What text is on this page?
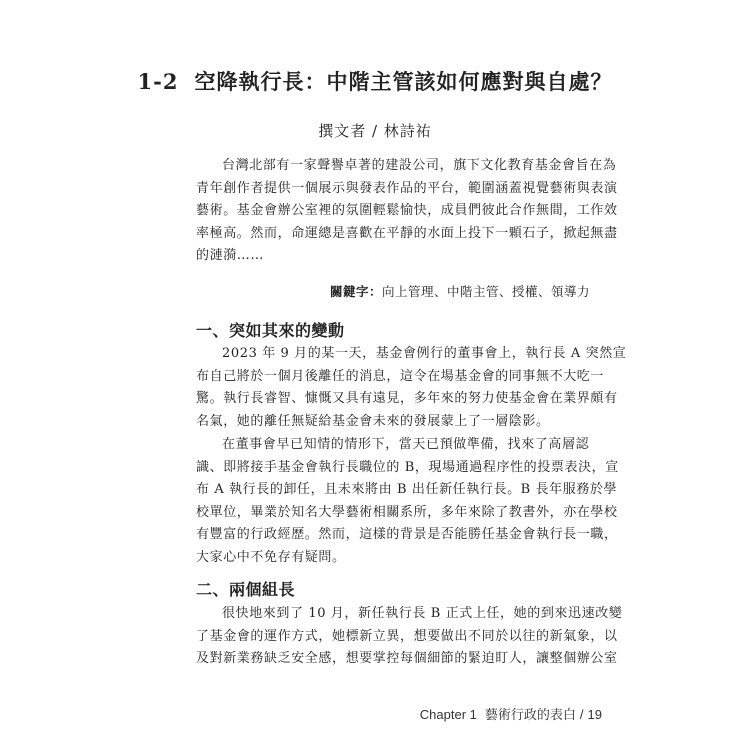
1-2 空降執行長：中階主管該如何應對與自處？
撰文者 / 林詩祐
台灣北部有一家聲譽卓著的建設公司，旗下文化教育基金會旨在為
青年創作者提供一個展示與發表作品的平台，範圍涵蓋視覺藝術與表演
藝術。基金會辦公室裡的氛圍輕鬆愉快，成員們彼此合作無間，工作效
率極高。然而，命運總是喜歡在平靜的水面上投下一顆石子，掀起無盡
的漣漪……
關鍵字：向上管理、中階主管、授權、領導力
一、突如其來的變動
2023 年 9 月的某一天，基金會例行的董事會上，執行長 A 突然宣
布自己將於一個月後離任的消息，這令在場基金會的同事無不大吃一
驚。執行長睿智、慷慨又具有遠見，多年來的努力使基金會在業界頗有
名氣，她的離任無疑給基金會未來的發展蒙上了一層陰影。
在董事會早已知情的情形下，當天已預做準備，找來了高層認
識、即將接手基金會執行長職位的 B，現場通過程序性的投票表決，宣
布 A 執行長的卸任，且未來將由 B 出任新任執行長。B 長年服務於學
校單位，畢業於知名大學藝術相關系所，多年來除了教書外，亦在學校
有豐富的行政經歷。然而，這樣的背景是否能勝任基金會執行長一職，
大家心中不免存有疑問。
二、兩個組長
很快地來到了 10 月，新任執行長 B 正式上任，她的到來迅速改變
了基金會的運作方式，她標新立異，想要做出不同於以往的新氣象，以
及對新業務缺乏安全感，想要掌控每個細節的緊迫盯人，讓整個辦公室
Chapter 1 藝術行政的表白 / 19
